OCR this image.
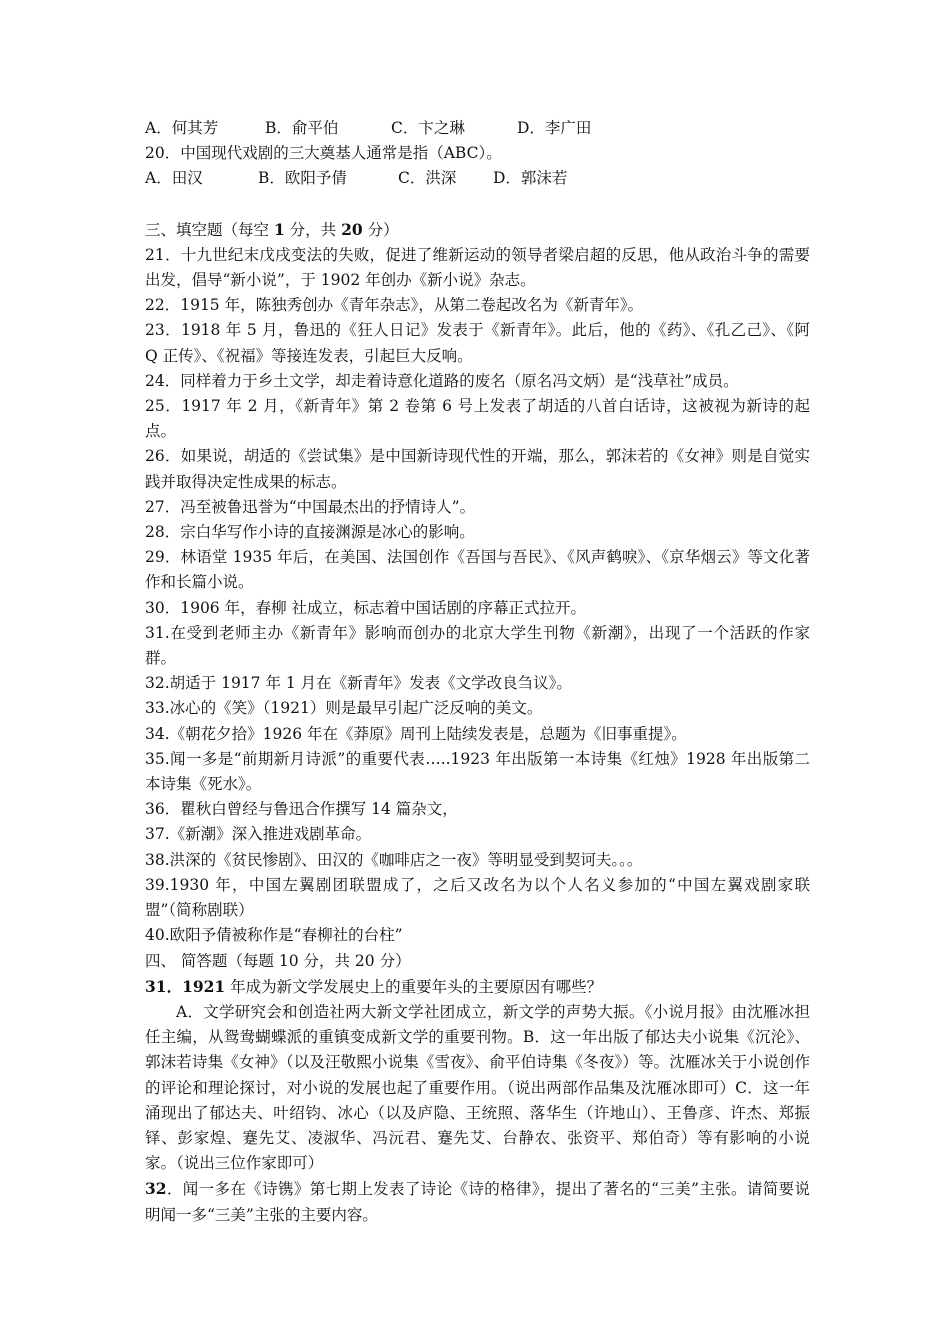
A．何其芳	B．俞平伯	C．卞之琳	D．李广田
20．中国现代戏剧的三大奠基人通常是指（ABC）。
A．田汉	B．欧阳予倩	C．洪深 D．郭沫若
三、填空题（每空 1 分，共 20 分）
21．十九世纪末戊戌变法的失败，促进了维新运动的领导者梁启超的反思，他从政治斗争的需要出发，倡导“新小说”，于 1902 年创办《新小说》杂志。
22．1915 年，陈独秀创办《青年杂志》，从第二卷起改名为《新青年》。
23．1918 年 5 月，鲁迅的《狂人日记》发表于《新青年》。此后，他的《药》、《孔乙己》、《阿 Q 正传》、《祝福》等接连发表，引起巨大反响。
24．同样着力于乡土文学，却走着诗意化道路的废名（原名冯文炳）是“浅草社”成员。
25．1917 年 2 月，《新青年》第 2 卷第 6 号上发表了胡适的八首白话诗，这被视为新诗的起点。
26．如果说，胡适的《尝试集》是中国新诗现代性的开端，那么，郭沫若的《女神》则是自觉实践并取得决定性成果的标志。
27．冯至被鲁迅誉为“中国最杰出的抒情诗人”。
28．宗白华写作小诗的直接渊源是冰心的影响。
29．林语堂 1935 年后，在美国、法国创作《吾国与吾民》、《风声鹤唳》、《京华烟云》等文化著作和长篇小说。
30．1906 年，春柳 社成立，标志着中国话剧的序幕正式拉开。
31.在受到老师主办《新青年》影响而创办的北京大学生刊物《新潮》，出现了一个活跃的作家群。
32.胡适于 1917 年 1 月在《新青年》发表《文学改良刍议》。
33.冰心的《笑》（1921）则是最早引起广泛反响的美文。
34.《朝花夕拾》1926 年在《莽原》周刊上陆续发表是，总题为《旧事重提》。
35.闻一多是“前期新月诗派”的重要代表…..1923 年出版第一本诗集《红烛》1928 年出版第二本诗集《死水》。
36．瞿秋白曾经与鲁迅合作撰写 14 篇杂文，
37.《新潮》深入推进戏剧革命。
38.洪深的《贫民惨剧》、田汉的《咖啡店之一夜》等明显受到契诃夫。。。
39.1930 年，中国左翼剧团联盟成了，之后又改名为以个人名义参加的“中国左翼戏剧家联盟”（简称剧联）
40.欧阳予倩被称作是“春柳社的台柱”
四、 简答题（每题 10 分，共 20 分）
31．1921 年成为新文学发展史上的重要年头的主要原因有哪些？
A．文学研究会和创造社两大新文学社团成立，新文学的声势大振。《小说月报》由沈雁冰担任主编，从鸳鸯蝴蝶派的重镇变成新文学的重要刊物。B．这一年出版了郁达夫小说集《沉沦》、郭沫若诗集《女神》（以及汪敬熙小说集《雪夜》、俞平伯诗集《冬夜》）等。沈雁冰关于小说创作的评论和理论探讨，对小说的发展也起了重要作用。（说出两部作品集及沈雁冰即可）C．这一年涌现出了郁达夫、叶绍钧、冰心（以及庐隐、王统照、落华生（许地山）、王鲁彦、许杰、郑振铎、彭家煌、蹇先艾、凌淑华、冯沅君、蹇先艾、台静农、张资平、郑伯奇）等有影响的小说家。（说出三位作家即可）
32．闻一多在《诗镌》第七期上发表了诗论《诗的格律》，提出了著名的“三美”主张。请简要说明闻一多“三美”主张的主要内容。
